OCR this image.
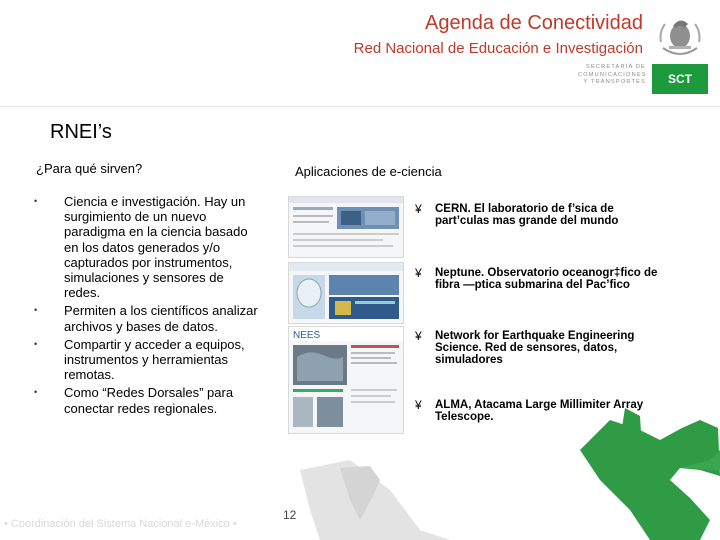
Agenda de Conectividad
Red Nacional de Educación e Investigación
SECRETARÍA DE
COMUNICACIONES
Y TRANSPORTES	SCT
RNEI’s
¿Para qué sirven?	Aplicaciones de e-ciencia
• Ciencia e investigación. Hay un surgimiento de un nuevo paradigma en la ciencia basado en los datos generados y/o capturados por instrumentos, simulaciones y sensores de redes.
• Permiten a los científicos analizar archivos y bases de datos.
• Compartir y acceder a equipos, instrumentos y herramientas remotas.
• Como “Redes Dorsales” para conectar redes regionales.
NEES
¥	CERN. El laboratorio de f’sica de part’culas mas grande del mundo
¥	Neptune. Observatorio oceanogr‡fico de fibra —ptica submarina del Pac’fico
¥	Network for Earthquake Engineering Science. Red de sensores, datos, simuladores
¥	ALMA, Atacama Large Millimiter Array Telescope.
• Coordinación del Sistema Nacional e-México •
12
